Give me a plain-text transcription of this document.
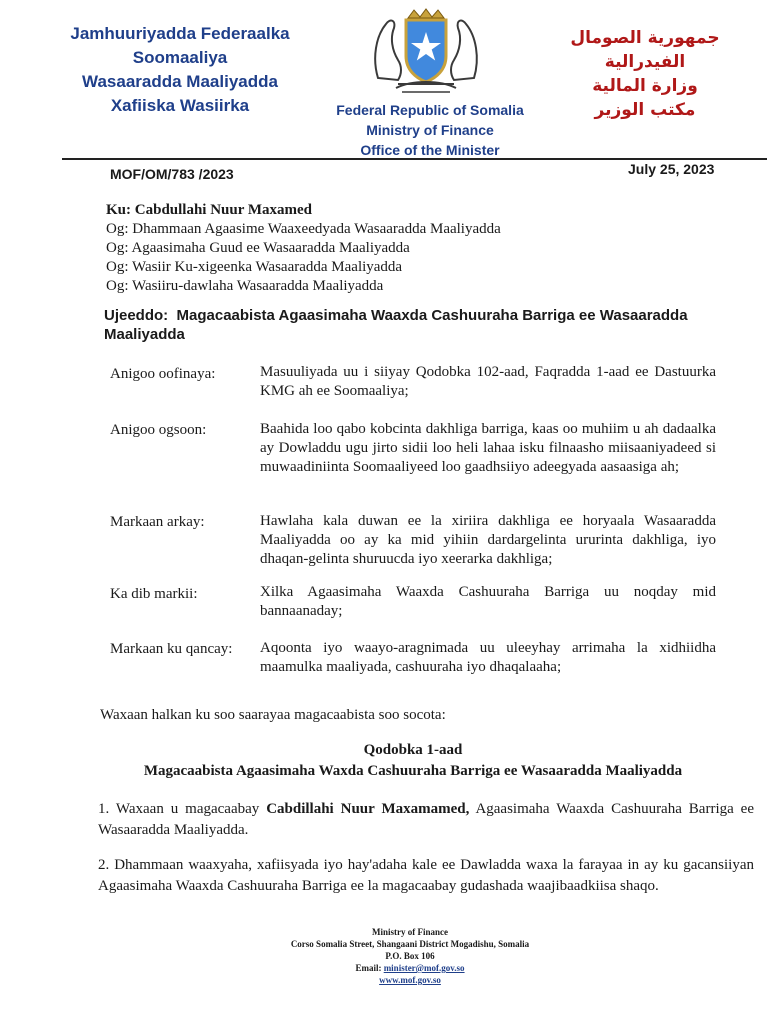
Jamhuuriyadda Federaalka
Soomaaliya
Wasaaradda Maaliyadda
Xafiiska Wasiirka
جمهورية الصومال الفيدرالية
وزارة المالية
مكتب الوزير
Federal Republic of Somalia
Ministry of Finance
Office of the Minister
MOF/OM/783 /2023	July 25, 2023
Ku: Cabdullahi Nuur Maxamed
Og: Dhammaan Agaasime Waaxeedyada Wasaaradda Maaliyadda
Og: Agaasimaha Guud ee Wasaaradda Maaliyadda
Og: Wasiir Ku-xigeenka Wasaaradda Maaliyadda
Og: Wasiiru-dawlaha Wasaaradda Maaliyadda
Ujeeddo: Magacaabista Agaasimaha Waaxda Cashuuraha Barriga ee Wasaaradda
Maaliyadda
Anigoo oofinaya:	Masuuliyada uu i siiyay Qodobka 102-aad, Faqradda 1-aad ee Dastuurka KMG ah ee Soomaaliya;
Anigoo ogsoon:	Baahida loo qabo kobcinta dakhliga barriga, kaas oo muhiim u ah dadaalka ay Dowladdu ugu jirto sidii loo heli lahaa isku filnaasho miisaaniyadeed si muwaadiniinta Soomaaliyeed loo gaadhsiiyo adeegyada aasaasiga ah;
Markaan arkay:	Hawlaha kala duwan ee la xiriira dakhliga ee horyaala Wasaaradda Maaliyadda oo ay ka mid yihiin dardargelinta ururinta dakhliga, iyo dhaqan-gelinta shuruucda iyo xeerarka dakhliga;
Ka dib markii:	Xilka Agaasimaha Waaxda Cashuuraha Barriga uu noqday mid bannaanaday;
Markaan ku qancay:	Aqoonta iyo waayo-aragnimada uu uleeyhay arrimaha la xidhiidha maamulka maaliyada, cashuuraha iyo dhaqalaaha;
Waxaan halkan ku soo saarayaa magacaabista soo socota:
Qodobka 1-aad
Magacaabista Agaasimaha Waxda Cashuuraha Barriga ee Wasaaradda Maaliyadda
1. Waxaan u magacaabay Cabdillahi Nuur Maxamamed, Agaasimaha Waaxda Cashuuraha Barriga ee Wasaaradda Maaliyadda.
2. Dhammaan waaxyaha, xafiisyada iyo hay'adaha kale ee Dawladda waxa la farayaa in ay ku gacansiiyan Agaasimaha Waaxda Cashuuraha Barriga ee la magacaabay gudashada waajibaadkiisa shaqo.
Ministry of Finance
Corso Somalia Street, Shangaani District Mogadishu, Somalia
P.O. Box 106
Email: minister@mof.gov.so
www.mof.gov.so
